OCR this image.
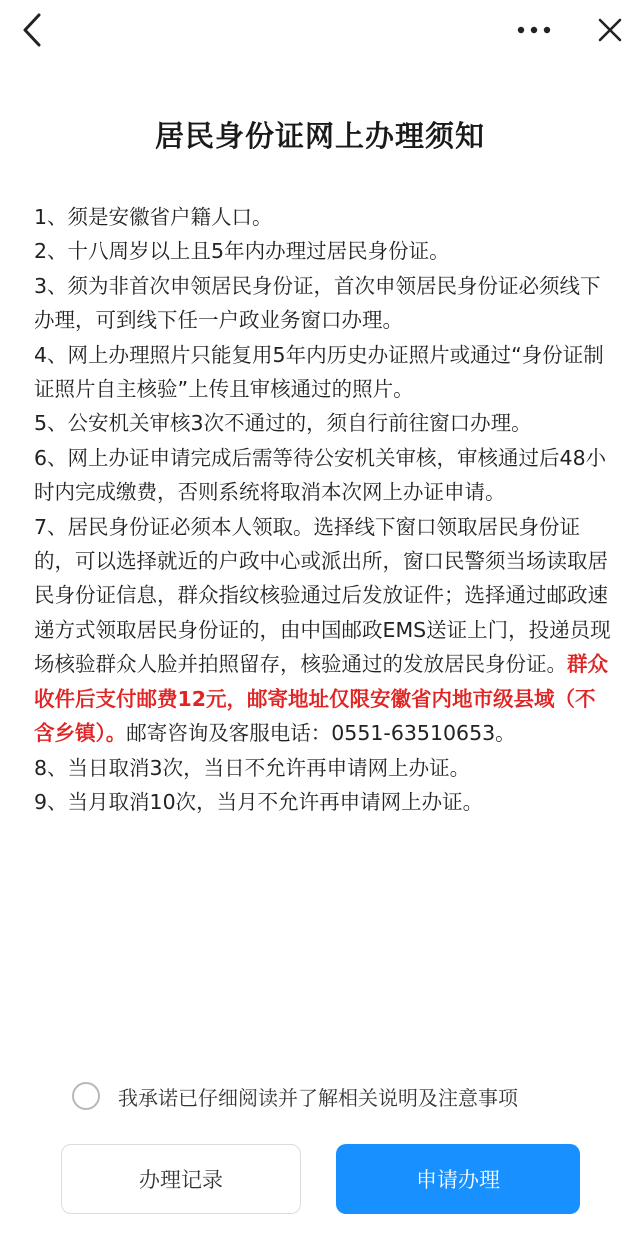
居民身份证网上办理须知
1、须是安徽省户籍人口。
2、十八周岁以上且5年内办理过居民身份证。
3、须为非首次申领居民身份证，首次申领居民身份证必须线下办理，可到线下任一户政业务窗口办理。
4、网上办理照片只能复用5年内历史办证照片或通过“身份证制证照片自主核验”上传且审核通过的照片。
5、公安机关审核3次不通过的，须自行前往窗口办理。
6、网上办证申请完成后需等待公安机关审核，审核通过后48小时内完成缴费，否则系统将取消本次网上办证申请。
7、居民身份证必须本人领取。选择线下窗口领取居民身份证的，可以选择就近的户政中心或派出所，窗口民警须当场读取居民身份证信息，群众指纹核验通过后发放证件；选择通过邮政速递方式领取居民身份证的，由中国邮政EMS送证上门，投递员现场核验群众人脸并拍照留存，核验通过的发放居民身份证。群众收件后支付邮费12元，邮寄地址仅限安徽省内地市级县域（不含乡镇）。邮寄咨询及客服电话：0551-63510653。
8、当日取消3次，当日不允许再申请网上办证。
9、当月取消10次，当月不允许再申请网上办证。
我承诺已仔细阅读并了解相关说明及注意事项
办理记录	申请办理
